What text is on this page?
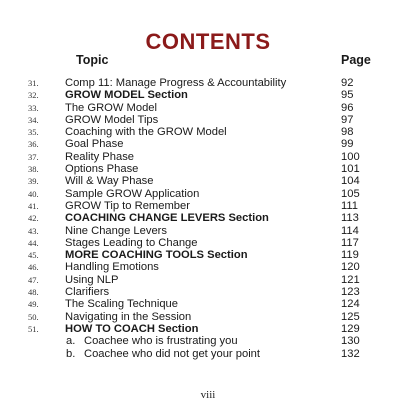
CONTENTS
Topic	Page
31.	Comp 11: Manage Progress & Accountability	92
32.	GROW MODEL Section	95
33.	The GROW Model	96
34.	GROW Model Tips	97
35.	Coaching with the GROW Model	98
36.	Goal Phase	99
37.	Reality Phase	100
38.	Options Phase	101
39.	Will & Way Phase	104
40.	Sample GROW Application	105
41.	GROW Tip to Remember	111
42.	COACHING CHANGE LEVERS Section	113
43.	Nine Change Levers	114
44.	Stages Leading to Change	117
45.	MORE COACHING TOOLS Section	119
46.	Handling Emotions	120
47.	Using NLP	121
48.	Clarifiers	123
49.	The Scaling Technique	124
50.	Navigating in the Session	125
51.	HOW TO COACH Section	129
a. Coachee who is frustrating you	130
b. Coachee who did not get your point	132
viii
